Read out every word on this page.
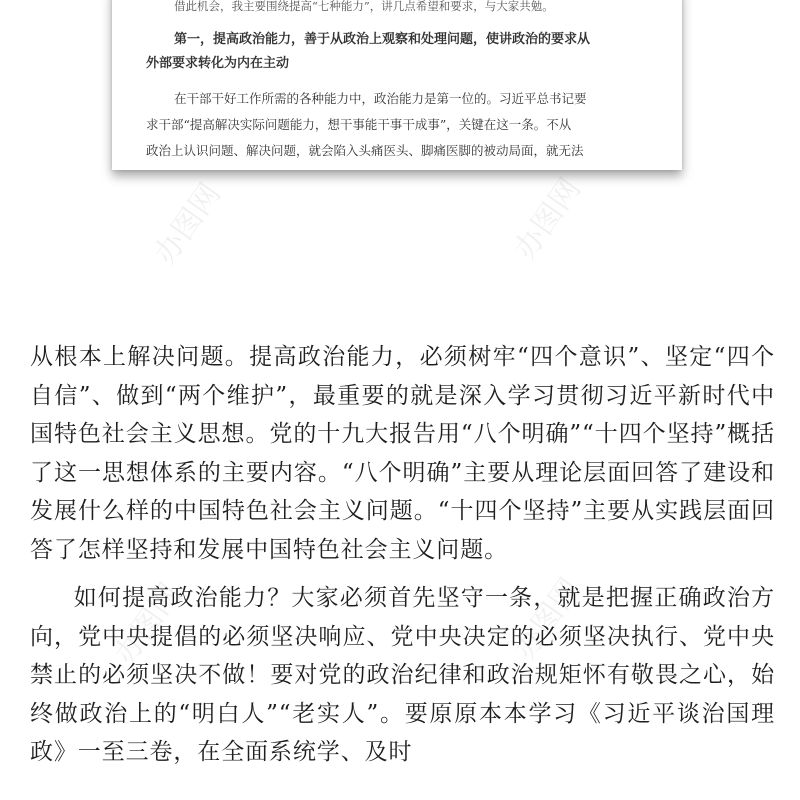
借此机会，我主要围绕提高“七种能力”，讲几点希望和要求，与大家共勉。

第一，提高政治能力，善于从政治上观察和处理问题，使讲政治的要求从

外部要求转化为内在主动

在干部干好工作所需的各种能力中，政治能力是第一位的。习近平总书记要

求干部“提高解决实际问题能力，想干事能干事干成事”，关键在这一条。不从

政治上认识问题、解决问题，就会陷入头痛医头、脚痛医脚的被动局面，就无法

办图网	办图网
办图网	办图网

从根本上解决问题。提高政治能力，必须树牢“四个意识”、坚定“四个自信”、做到“两个维护”，最重要的就是深入学习贯彻习近平新时代中国特色社会主义思想。党的十九大报告用“八个明确”“十四个坚持”概括了这一思想体系的主要内容。“八个明确”主要从理论层面回答了建设和发展什么样的中国特色社会主义问题。“十四个坚持”主要从实践层面回答了怎样坚持和发展中国特色社会主义问题。

如何提高政治能力？大家必须首先坚守一条，就是把握正确政治方向，党中央提倡的必须坚决响应、党中央决定的必须坚决执行、党中央禁止的必须坚决不做！要对党的政治纪律和政治规矩怀有敬畏之心，始终做政治上的“明白人”“老实人”。要原原本本学习《习近平谈治国理政》一至三卷，在全面系统学、及时
